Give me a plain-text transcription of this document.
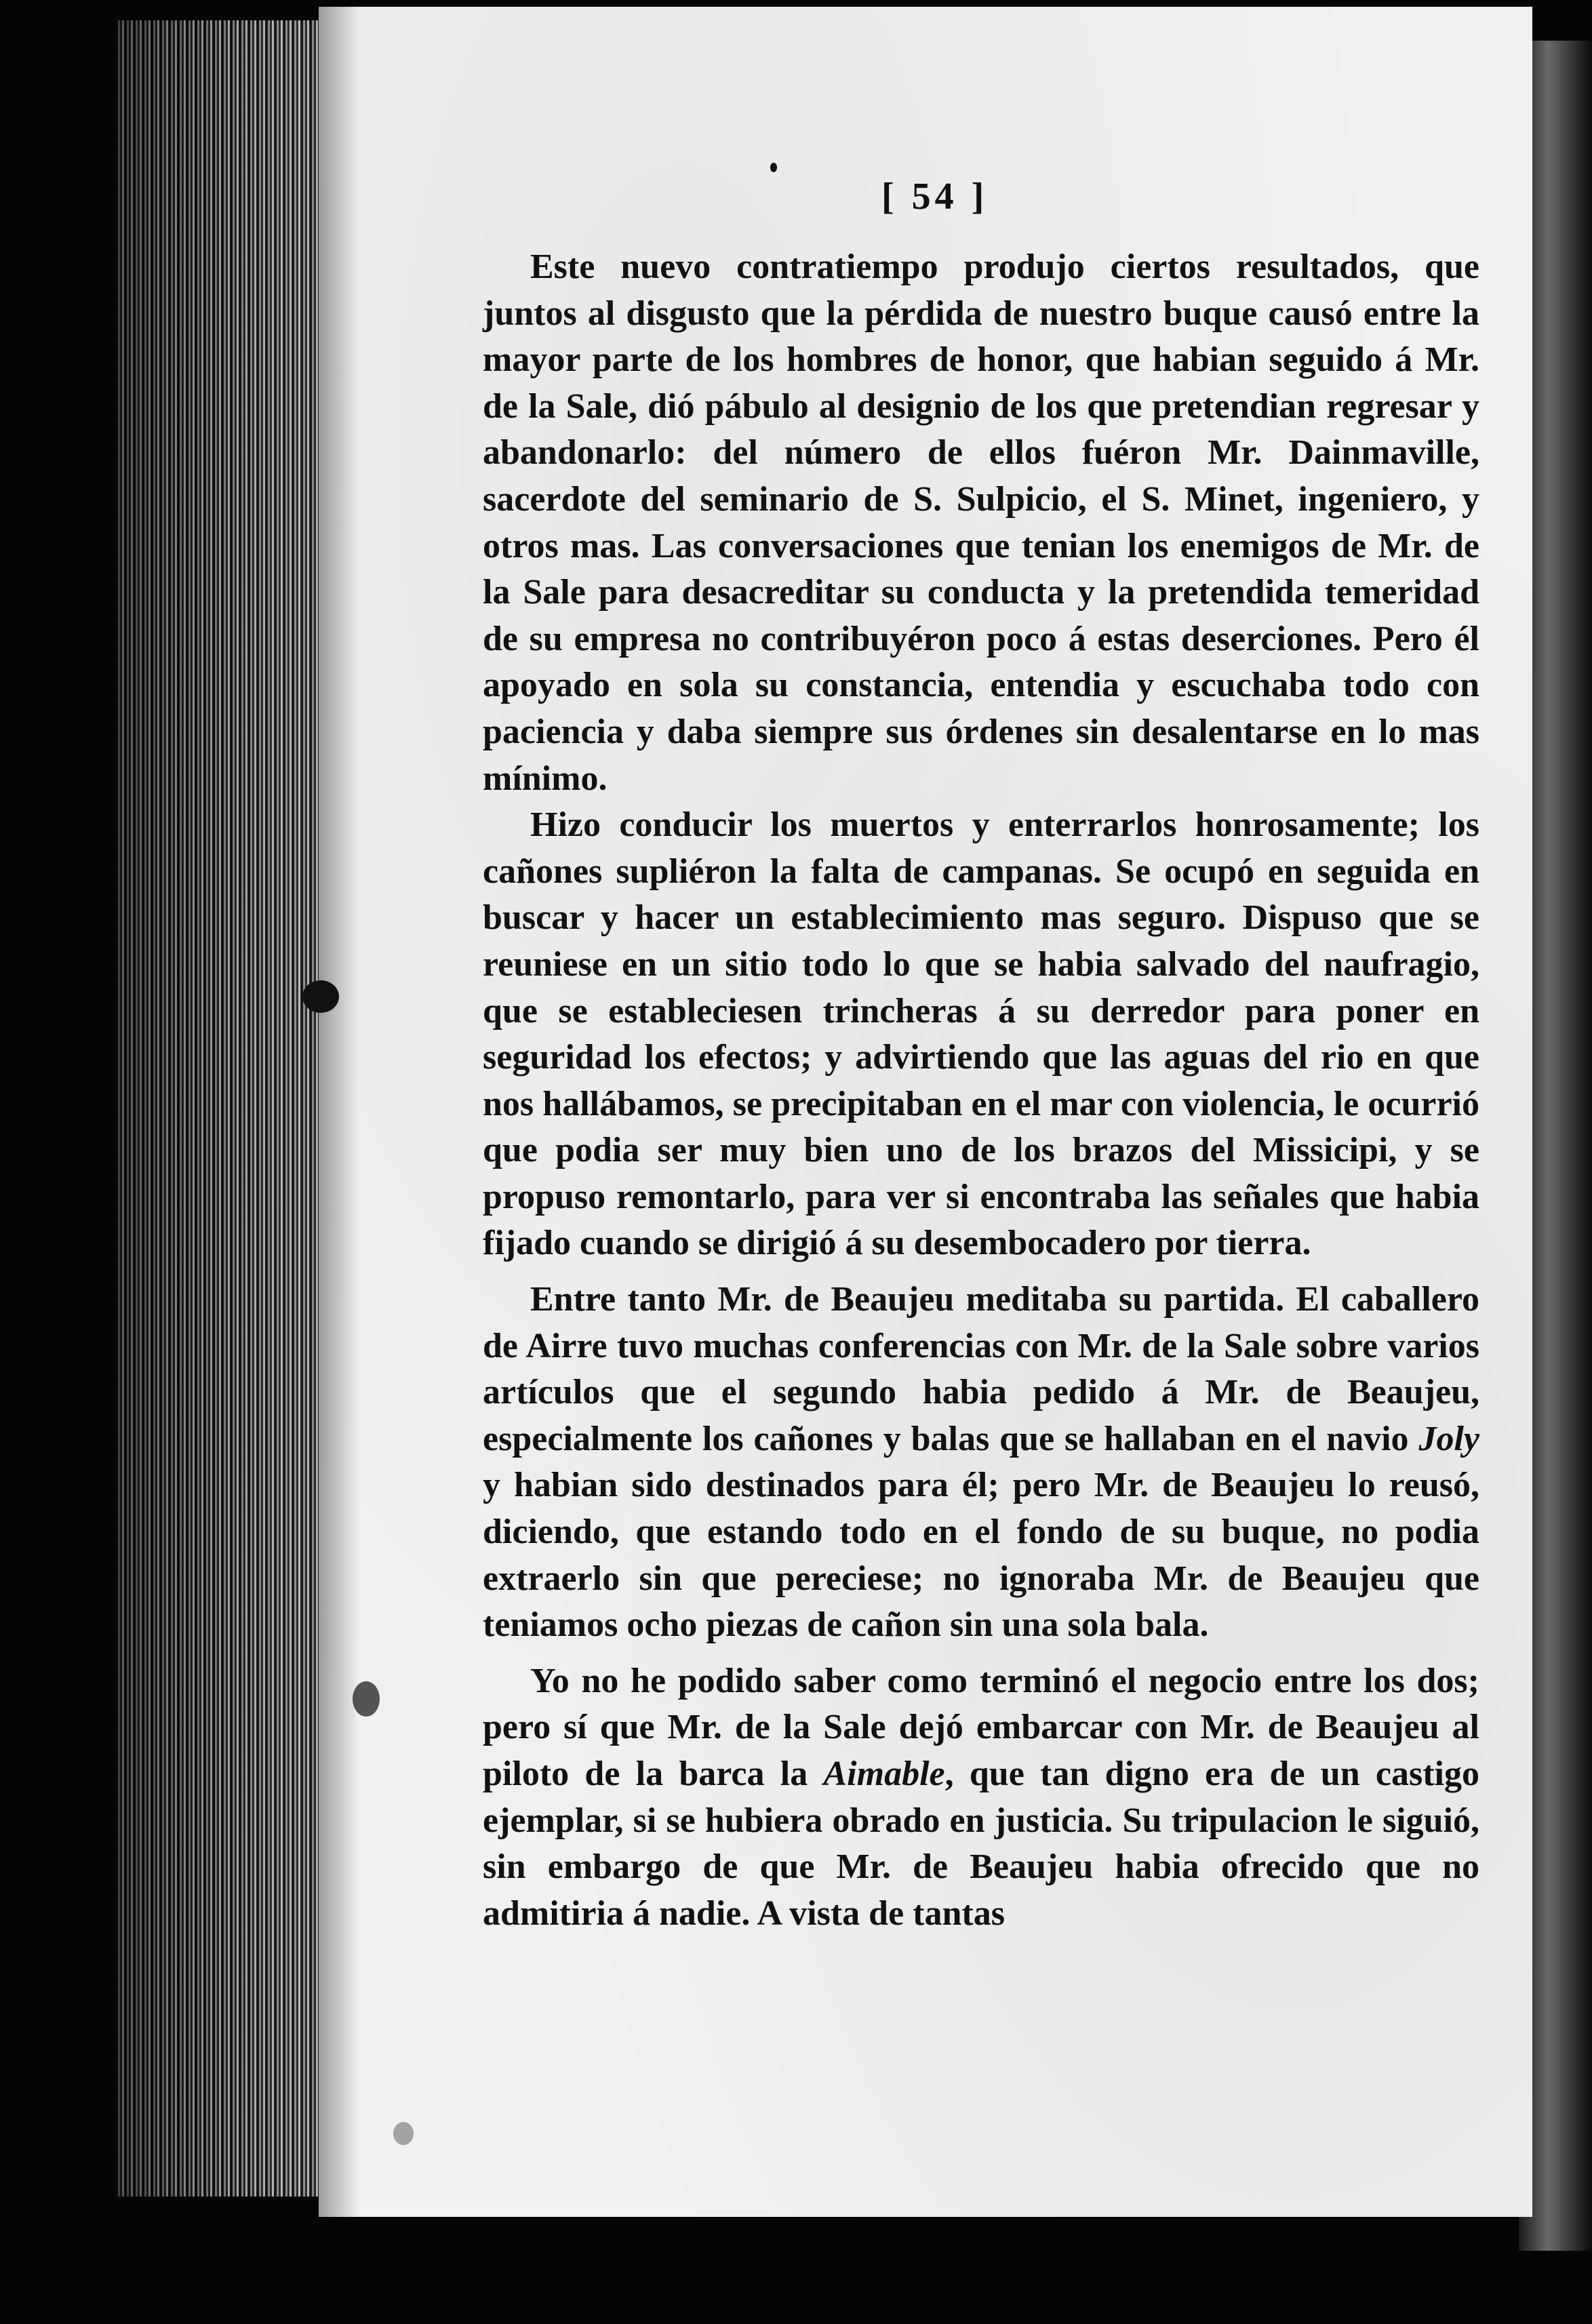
[ 54 ]

Este nuevo contratiempo produjo ciertos resultados, que juntos al disgusto que la pérdida de nuestro buque causó entre la mayor parte de los hombres de honor, que habian seguido á Mr. de la Sale, dió pábulo al designio de los que pretendian regresar y abandonarlo: del número de ellos fuéron Mr. Dainmaville, sacerdote del seminario de S. Sulpicio, el S. Minet, ingeniero, y otros mas. Las conversaciones que tenian los enemigos de Mr. de la Sale para desacreditar su conducta y la pretendida temeridad de su empresa no contribuyéron poco á estas deserciones. Pero él apoyado en sola su constancia, entendia y escuchaba todo con paciencia y daba siempre sus órdenes sin desalentarse en lo mas mínimo.

Hizo conducir los muertos y enterrarlos honrosamente; los cañones supliéron la falta de campanas. Se ocupó en seguida en buscar y hacer un establecimiento mas seguro. Dispuso que se reuniese en un sitio todo lo que se habia salvado del naufragio, que se estableciesen trincheras á su derredor para poner en seguridad los efectos; y advirtiendo que las aguas del rio en que nos hallábamos, se precipitaban en el mar con violencia, le ocurrió que podia ser muy bien uno de los brazos del Missicipi, y se propuso remontarlo, para ver si encontraba las señales que habia fijado cuando se dirigió á su desembocadero por tierra.

Entre tanto Mr. de Beaujeu meditaba su partida. El caballero de Airre tuvo muchas conferencias con Mr. de la Sale sobre varios artículos que el segundo habia pedido á Mr. de Beaujeu, especialmente los cañones y balas que se hallaban en el navio Joly y habian sido destinados para él; pero Mr. de Beaujeu lo reusó, diciendo, que estando todo en el fondo de su buque, no podia extraerlo sin que pereciese; no ignoraba Mr. de Beaujeu que teniamos ocho piezas de cañon sin una sola bala.

Yo no he podido saber como terminó el negocio entre los dos; pero sí que Mr. de la Sale dejó embarcar con Mr. de Beaujeu al piloto de la barca la Aimable, que tan digno era de un castigo ejemplar, si se hubiera obrado en justicia. Su tripulacion le siguió, sin embargo de que Mr. de Beaujeu habia ofrecido que no admitiria á nadie. A vista de tantas
